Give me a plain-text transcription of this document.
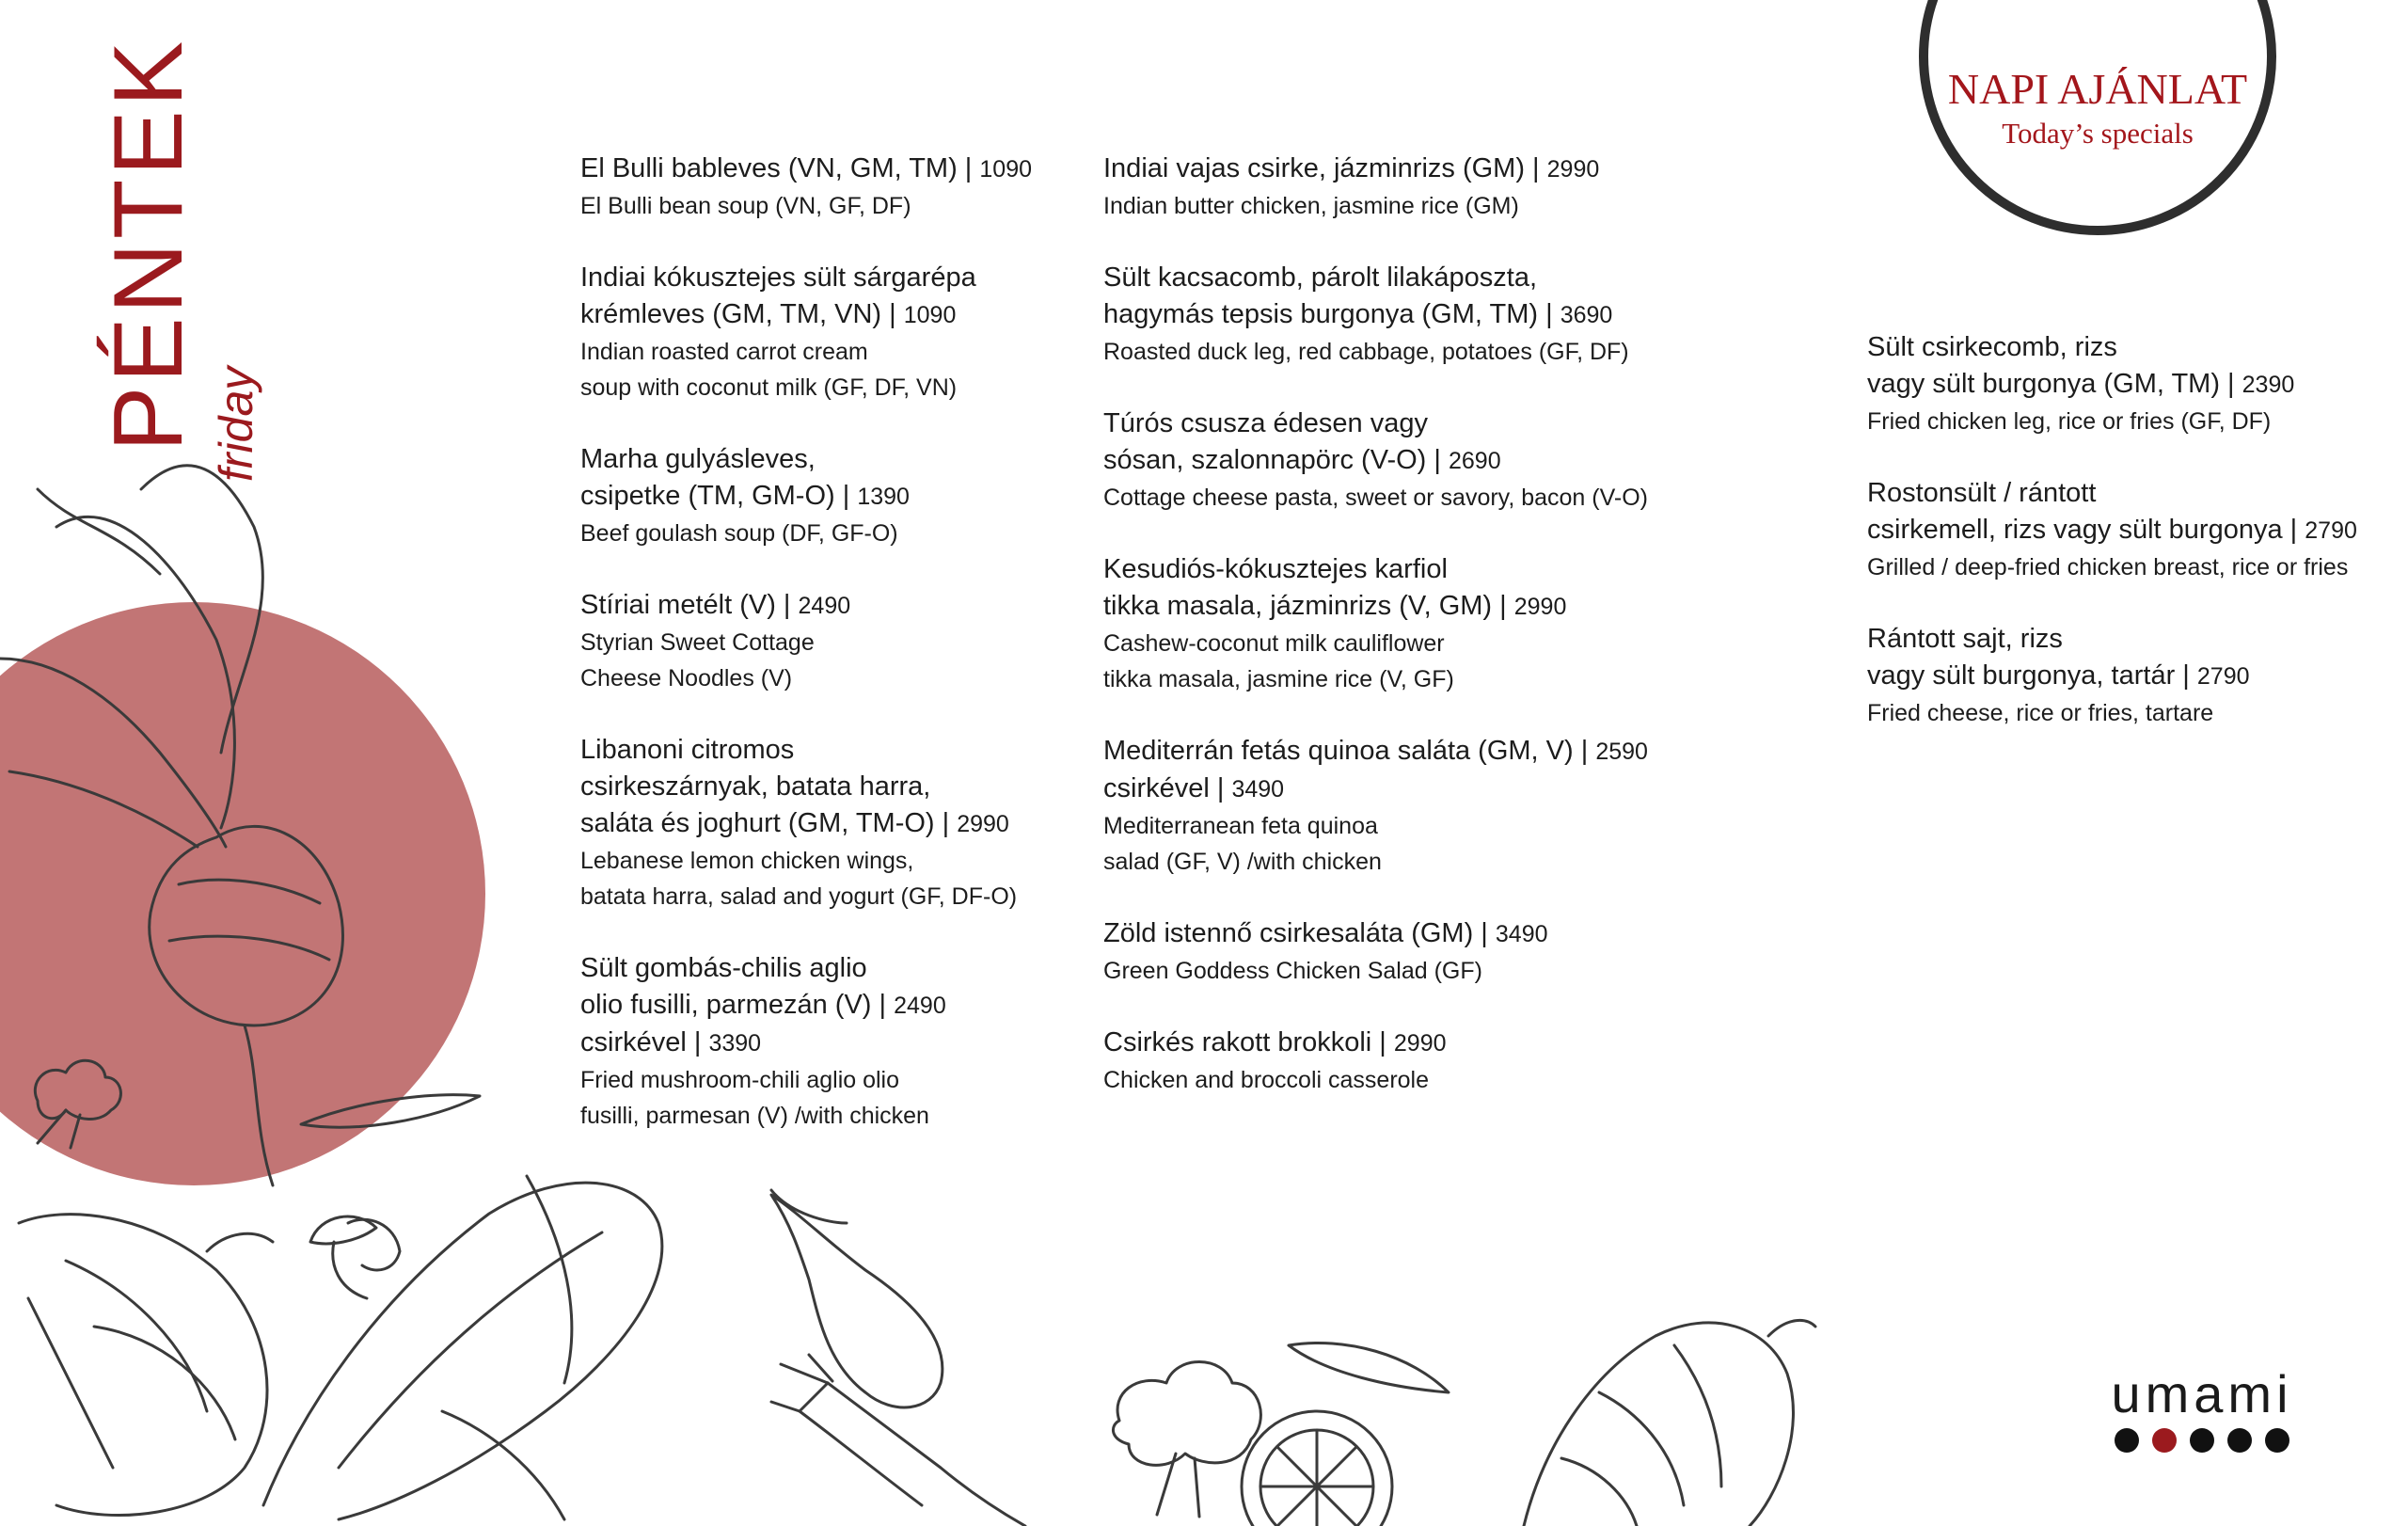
PÉNTEK friday
NAPI AJÁNLAT
Today’s specials
El Bulli bableves (VN, GM, TM) | 1090
El Bulli bean soup (VN, GF, DF)
Indiai kókusztejes sült sárgarépa
krémleves (GM, TM, VN) | 1090
Indian roasted carrot cream
soup with coconut milk (GF, DF, VN)
Marha gulyásleves,
csipetke (TM, GM-O) | 1390
Beef goulash soup (DF, GF-O)
Stíriai metélt (V) | 2490
Styrian Sweet Cottage
Cheese Noodles (V)
Libanoni citromos
csirkeszárnyak, batata harra,
saláta és joghurt (GM, TM-O) | 2990
Lebanese lemon chicken wings,
batata harra, salad and yogurt (GF, DF-O)
Sült gombás-chilis aglio
olio fusilli, parmezán (V) | 2490
csirkével | 3390
Fried mushroom-chili aglio olio
fusilli, parmesan (V) /with chicken
Indiai vajas csirke, jázminrizs (GM) | 2990
Indian butter chicken, jasmine rice (GM)
Sült kacsacomb, párolt lilakáposzta,
hagymás tepsis burgonya (GM, TM) | 3690
Roasted duck leg, red cabbage, potatoes (GF, DF)
Túrós csusza édesen vagy
sósan, szalonnapörc (V-O) | 2690
Cottage cheese pasta, sweet or savory, bacon (V-O)
Kesudiós-kókusztejes karfiol
tikka masala, jázminrizs (V, GM) | 2990
Cashew-coconut milk cauliflower
tikka masala, jasmine rice (V, GF)
Mediterrán fetás quinoa saláta (GM, V) | 2590
csirkével | 3490
Mediterranean feta quinoa
salad (GF, V) /with chicken
Zöld istennő csirkesaláta (GM) | 3490
Green Goddess Chicken Salad (GF)
Csirkés rakott brokkoli | 2990
Chicken and broccoli casserole
Sült csirkecomb, rizs
vagy sült burgonya (GM, TM) | 2390
Fried chicken leg, rice or fries (GF, DF)
Rostonsült / rántott
csirkemell, rizs vagy sült burgonya | 2790
Grilled / deep-fried chicken breast, rice or fries
Rántott sajt, rizs
vagy sült burgonya, tartár | 2790
Fried cheese, rice or fries, tartare
umami
